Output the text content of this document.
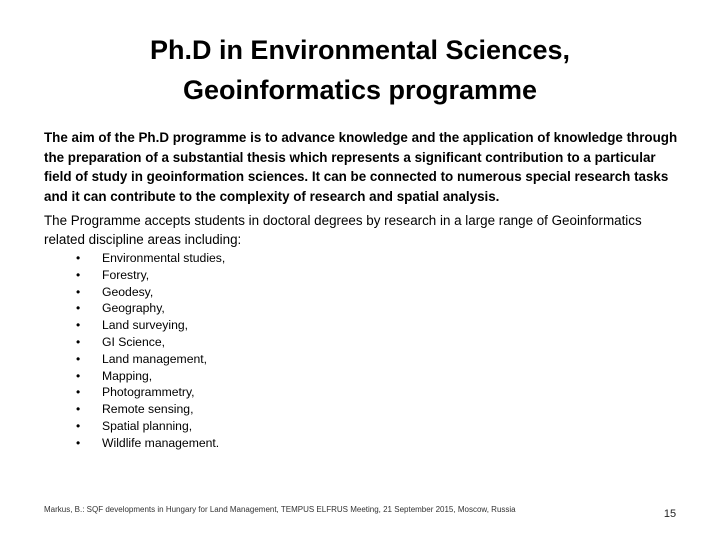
Ph.D in Environmental Sciences,
Geoinformatics programme
The aim of the Ph.D programme is to advance knowledge and the application of knowledge through the preparation of a substantial thesis which represents a significant contribution to a particular field of study in geoinformation sciences. It can be connected to numerous special research tasks and it can contribute to the complexity of research and spatial analysis.
The Programme accepts students in doctoral degrees by research in a large range of Geoinformatics related discipline areas including:
•	Environmental studies,
•	Forestry,
•	Geodesy,
•	Geography,
•	Land surveying,
•	GI Science,
•	Land management,
•	Mapping,
•	Photogrammetry,
•	Remote sensing,
•	Spatial planning,
•	Wildlife management.
Markus, B.: SQF developments in Hungary for Land Management, TEMPUS ELFRUS Meeting, 21 September 2015, Moscow, Russia	15
